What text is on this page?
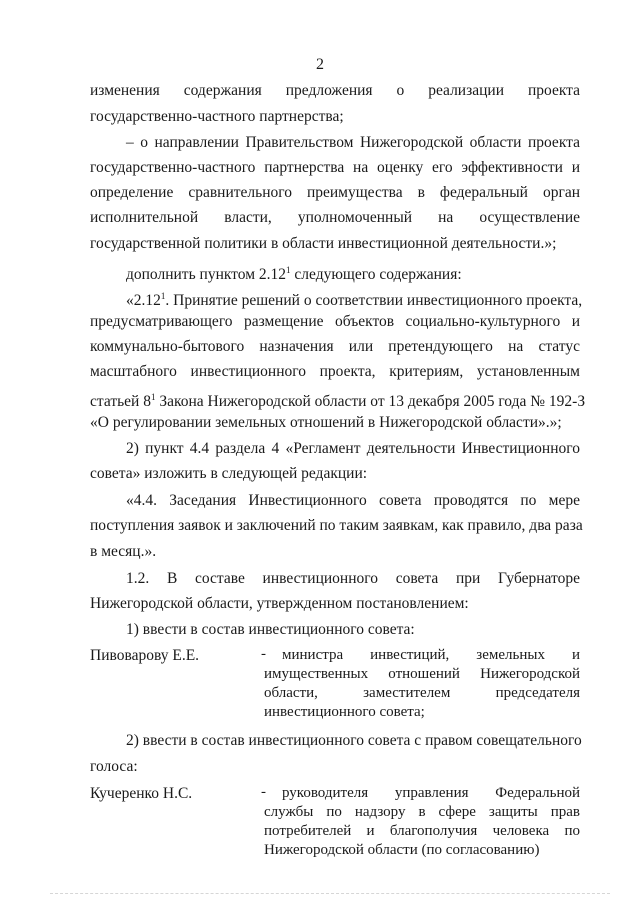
2
изменения содержания предложения о реализации проекта
государственно-частного партнерства;
– о направлении Правительством Нижегородской области проекта
государственно-частного партнерства на оценку его эффективности и
определение сравнительного преимущества в федеральный орган
исполнительной власти, уполномоченный на осуществление
государственной политики в области инвестиционной деятельности.»;
дополнить пунктом 2.12$^1$ следующего содержания:
«2.12$^1$. Принятие решений о соответствии инвестиционного проекта,
предусматривающего размещение объектов социально-культурного и
коммунально-бытового назначения или претендующего на статус
масштабного инвестиционного проекта, критериям, установленным
статьей $8^1$ Закона Нижегородской области от 13 декабря 2005 года № 192-З
«О регулировании земельных отношений в Нижегородской области».»;
2) пункт 4.4 раздела 4 «Регламент деятельности Инвестиционного
совета» изложить в следующей редакции:
«4.4. Заседания Инвестиционного совета проводятся по мере
поступления заявок и заключений по таким заявкам, как правило, два раза
в месяц.».
1.2. В составе инвестиционного совета при Губернаторе
Нижегородской области, утвержденном постановлением:
1) ввести в состав инвестиционного совета:
Пивоварову Е.Е.	- министра инвестиций, земельных и
имущественных отношений Нижегородской
области, заместителем председателя
инвестиционного совета;
2) ввести в состав инвестиционного совета с правом совещательного
голоса:
Кучеренко Н.С.	- руководителя управления Федеральной
службы по надзору в сфере защиты прав
потребителей и благополучия человека по
Нижегородской области (по согласованию)
